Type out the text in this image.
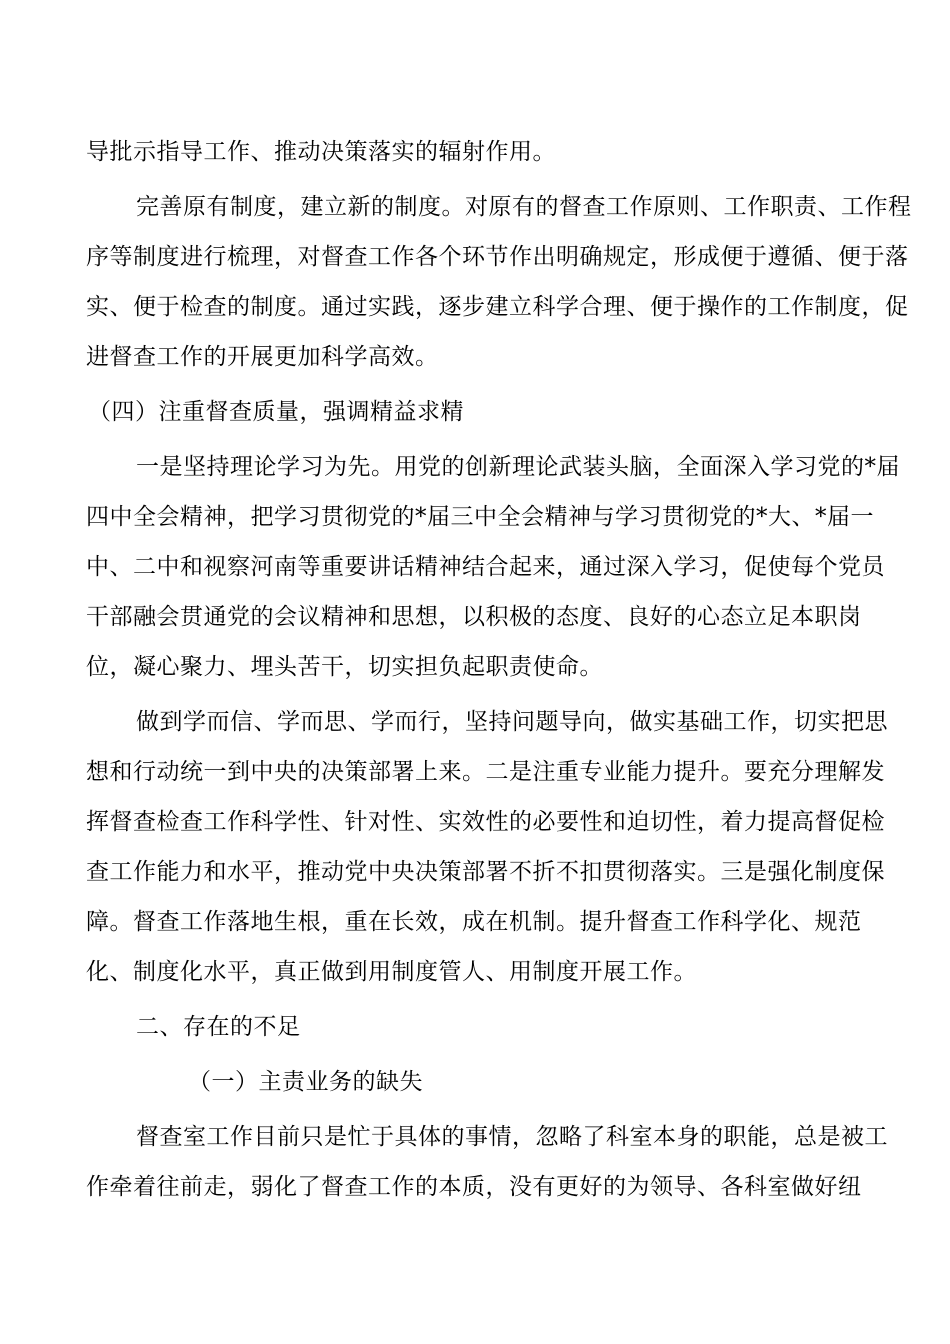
导批示指导工作、推动决策落实的辐射作用。
完善原有制度，建立新的制度。对原有的督查工作原则、工作职责、工作程
序等制度进行梳理，对督查工作各个环节作出明确规定，形成便于遵循、便于落
实、便于检查的制度。通过实践，逐步建立科学合理、便于操作的工作制度，促
进督查工作的开展更加科学高效。
（四）注重督查质量，强调精益求精
一是坚持理论学习为先。用党的创新理论武装头脑，全面深入学习党的*届
四中全会精神，把学习贯彻党的*届三中全会精神与学习贯彻党的*大、*届一
中、二中和视察河南等重要讲话精神结合起来，通过深入学习，促使每个党员
干部融会贯通党的会议精神和思想，以积极的态度、良好的心态立足本职岗
位，凝心聚力、埋头苦干，切实担负起职责使命。
做到学而信、学而思、学而行，坚持问题导向，做实基础工作，切实把思
想和行动统一到中央的决策部署上来。二是注重专业能力提升。要充分理解发
挥督查检查工作科学性、针对性、实效性的必要性和迫切性，着力提高督促检
查工作能力和水平，推动党中央决策部署不折不扣贯彻落实。三是强化制度保
障。督查工作落地生根，重在长效，成在机制。提升督查工作科学化、规范
化、制度化水平，真正做到用制度管人、用制度开展工作。
二、存在的不足
（一）主责业务的缺失
督查室工作目前只是忙于具体的事情，忽略了科室本身的职能，总是被工
作牵着往前走，弱化了督查工作的本质，没有更好的为领导、各科室做好纽
